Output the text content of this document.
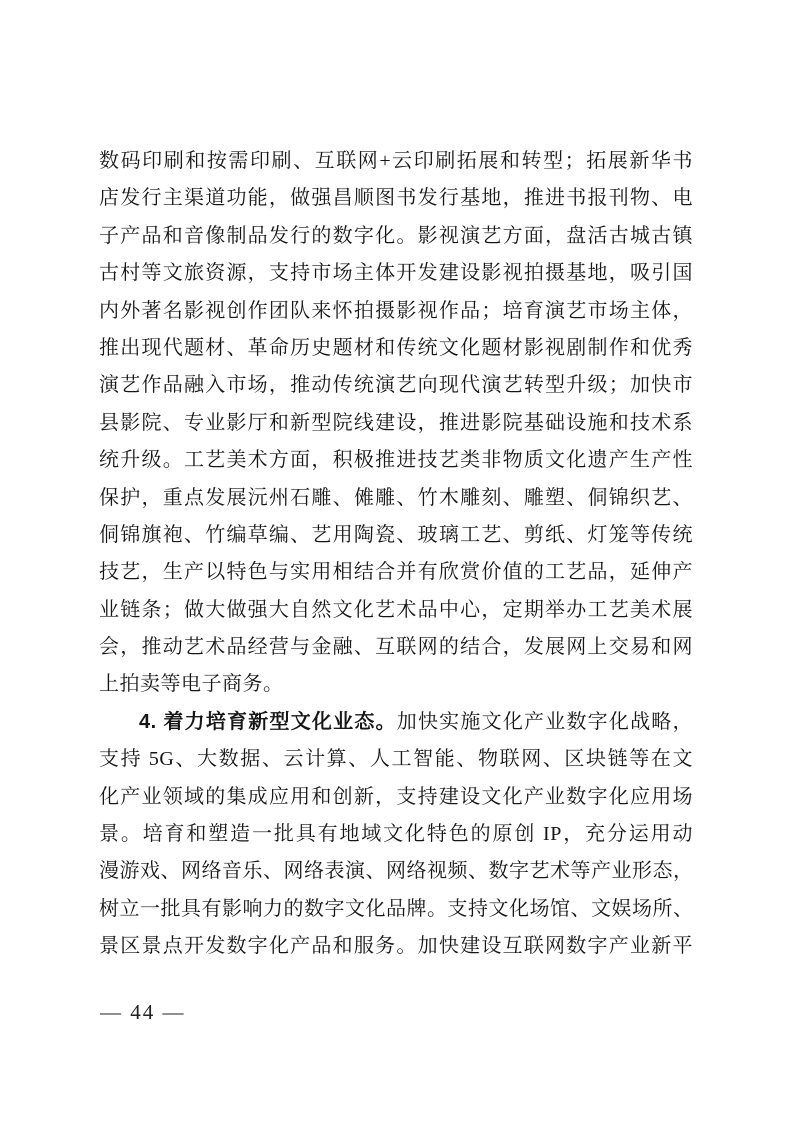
数码印刷和按需印刷、互联网+云印刷拓展和转型；拓展新华书
店发行主渠道功能，做强昌顺图书发行基地，推进书报刊物、电
子产品和音像制品发行的数字化。影视演艺方面，盘活古城古镇
古村等文旅资源，支持市场主体开发建设影视拍摄基地，吸引国
内外著名影视创作团队来怀拍摄影视作品；培育演艺市场主体，
推出现代题材、革命历史题材和传统文化题材影视剧制作和优秀
演艺作品融入市场，推动传统演艺向现代演艺转型升级；加快市
县影院、专业影厅和新型院线建设，推进影院基础设施和技术系
统升级。工艺美术方面，积极推进技艺类非物质文化遗产生产性
保护，重点发展沅州石雕、傩雕、竹木雕刻、雕塑、侗锦织艺、
侗锦旗袍、竹编草编、艺用陶瓷、玻璃工艺、剪纸、灯笼等传统
技艺，生产以特色与实用相结合并有欣赏价值的工艺品，延伸产
业链条；做大做强大自然文化艺术品中心，定期举办工艺美术展
会，推动艺术品经营与金融、互联网的结合，发展网上交易和网
上拍卖等电子商务。
4. 着力培育新型文化业态。加快实施文化产业数字化战略，
支持 5G、大数据、云计算、人工智能、物联网、区块链等在文
化产业领域的集成应用和创新，支持建设文化产业数字化应用场
景。培育和塑造一批具有地域文化特色的原创 IP，充分运用动
漫游戏、网络音乐、网络表演、网络视频、数字艺术等产业形态，
树立一批具有影响力的数字文化品牌。支持文化场馆、文娱场所、
景区景点开发数字化产品和服务。加快建设互联网数字产业新平
— 44 —
